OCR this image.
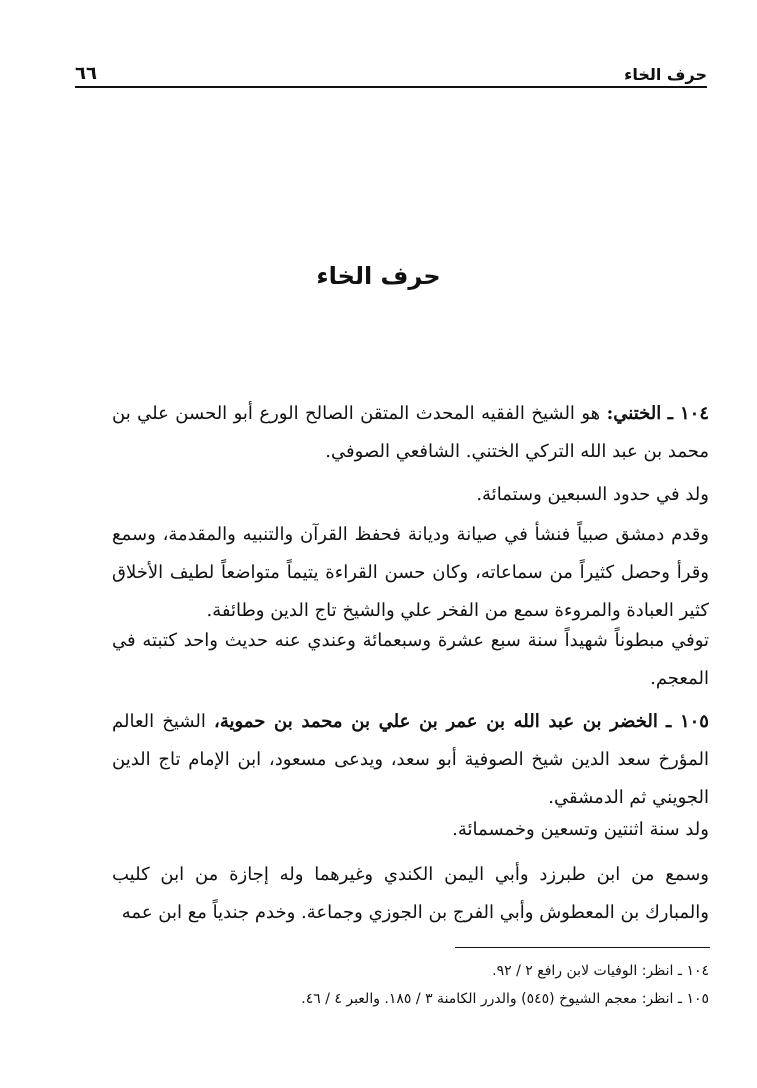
حرف الخاء
٦٦
حرف الخاء
١٠٤ ـ الختني: هو الشيخ الفقيه المحدث المتقن الصالح الورع أبو الحسن علي بن محمد بن عبد الله التركي الختني. الشافعي الصوفي.
ولد في حدود السبعين وستمائة.
وقدم دمشق صبياً فنشأ في صيانة وديانة فحفظ القرآن والتنبيه والمقدمة، وسمع وقرأ وحصل كثيراً من سماعاته، وكان حسن القراءة يتيماً متواضعاً لطيف الأخلاق كثير العبادة والمروءة سمع من الفخر علي والشيخ تاج الدين وطائفة.
توفي مبطوناً شهيداً سنة سبع عشرة وسبعمائة وعندي عنه حديث واحد كتبته في المعجم.
١٠٥ ـ الخضر بن عبد الله بن عمر بن علي بن محمد بن حموية، الشيخ العالم المؤرخ سعد الدين شيخ الصوفية أبو سعد، ويدعى مسعود، ابن الإمام تاج الدين الجويني ثم الدمشقي.
ولد سنة اثنتين وتسعين وخمسمائة.
وسمع من ابن طبرزد وأبي اليمن الكندي وغيرهما وله إجازة من ابن كليب والمبارك بن المعطوش وأبي الفرج بن الجوزي وجماعة. وخدم جندياً مع ابن عمه
١٠٤ ـ انظر: الوفيات لابن رافع ٢ / ٩٢.
١٠٥ ـ انظر: معجم الشيوخ (٥٤٥) والدرر الكامنة ٣ / ١٨٥. والعبر ٤ / ٤٦.
